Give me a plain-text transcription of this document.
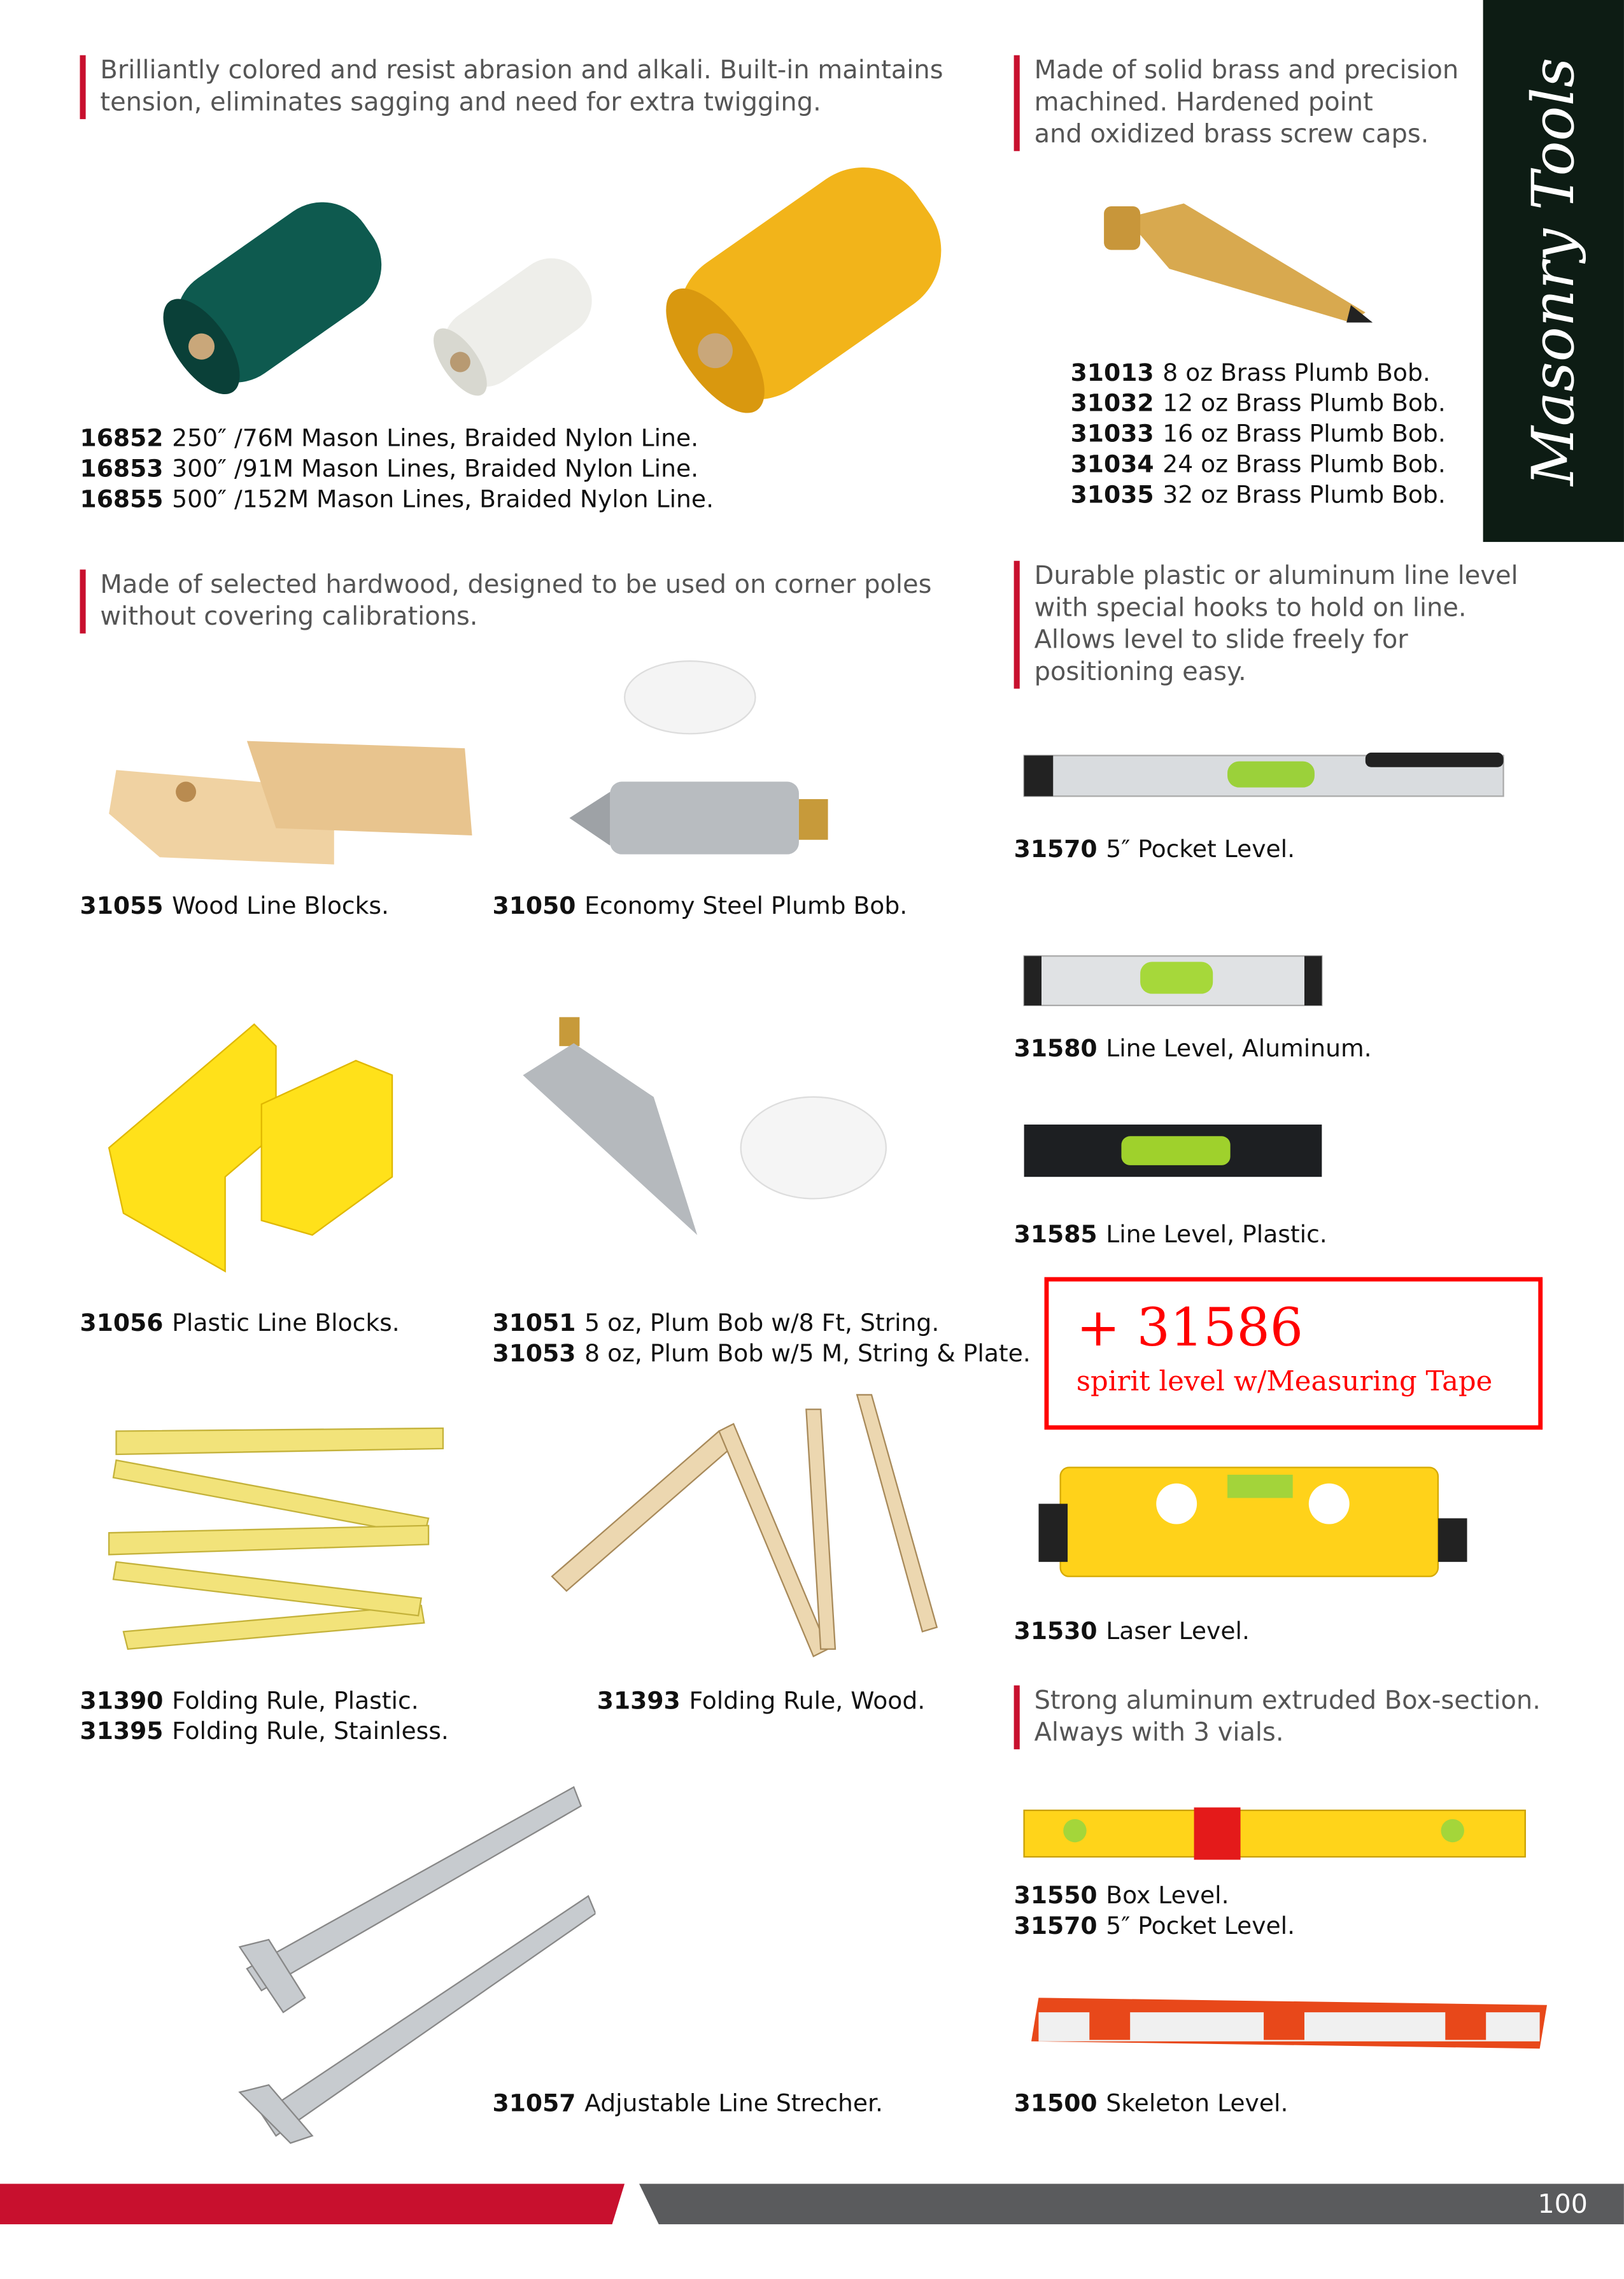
Masonry Tools
Brilliantly colored and resist abrasion and alkali. Built-in maintains
tension, eliminates sagging and need for extra twigging.
Made of solid brass and precision
machined. Hardened point
and oxidized brass screw caps.
Made of selected hardwood, designed to be used on corner poles
without covering calibrations.
Durable plastic or aluminum line level
with special hooks to hold on line.
Allows level to slide freely for
positioning easy.
Strong aluminum extruded Box-section.
Always with 3 vials.
16852 250″ /76M Mason Lines, Braided Nylon Line.
16853 300″ /91M Mason Lines, Braided Nylon Line.
16855 500″ /152M Mason Lines, Braided Nylon Line.
31013 8 oz Brass Plumb Bob.
31032 12 oz Brass Plumb Bob.
31033 16 oz Brass Plumb Bob.
31034 24 oz Brass Plumb Bob.
31035 32 oz Brass Plumb Bob.
31570 5″ Pocket Level.
31055 Wood Line Blocks.	31050 Economy Steel Plumb Bob.
31580 Line Level, Aluminum.
31585 Line Level, Plastic.
31056 Plastic Line Blocks.	31051 5 oz, Plum Bob w/8 Ft, String.
31053 8 oz, Plum Bob w/5 M, String & Plate. + 31586
spirit level w/Measuring Tape
31530 Laser Level.
31390 Folding Rule, Plastic.
31395 Folding Rule, Stainless.
31393 Folding Rule, Wood.
31550 Box Level.
31570 5″ Pocket Level.
31057 Adjustable Line Strecher.	31500 Skeleton Level.
100
